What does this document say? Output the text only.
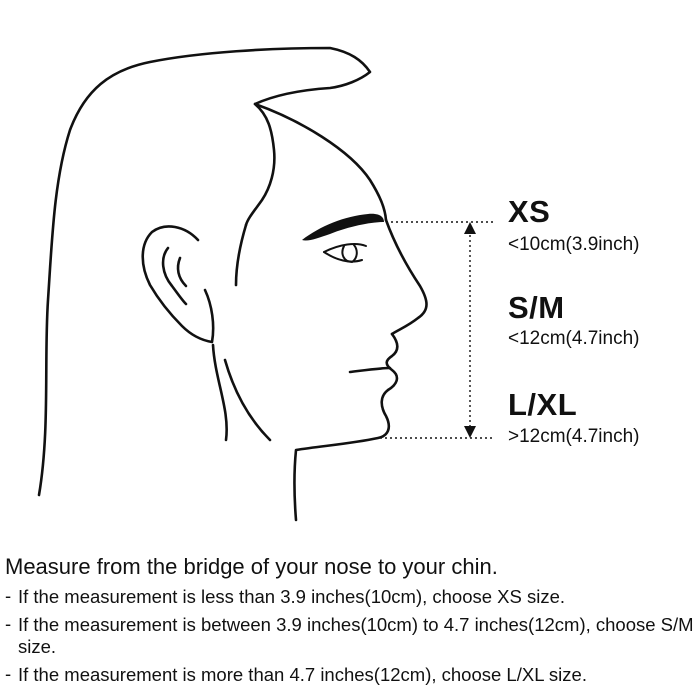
XS
<10cm(3.9inch)
S/M
<12cm(4.7inch)
L/XL
>12cm(4.7inch)

Measure from the bridge of your nose to your chin.

- If the measurement is less than 3.9 inches(10cm), choose XS size.

- If the measurement is between 3.9 inches(10cm) to 4.7 inches(12cm), choose S/M size.

- If the measurement is more than 4.7 inches(12cm), choose L/XL size.
